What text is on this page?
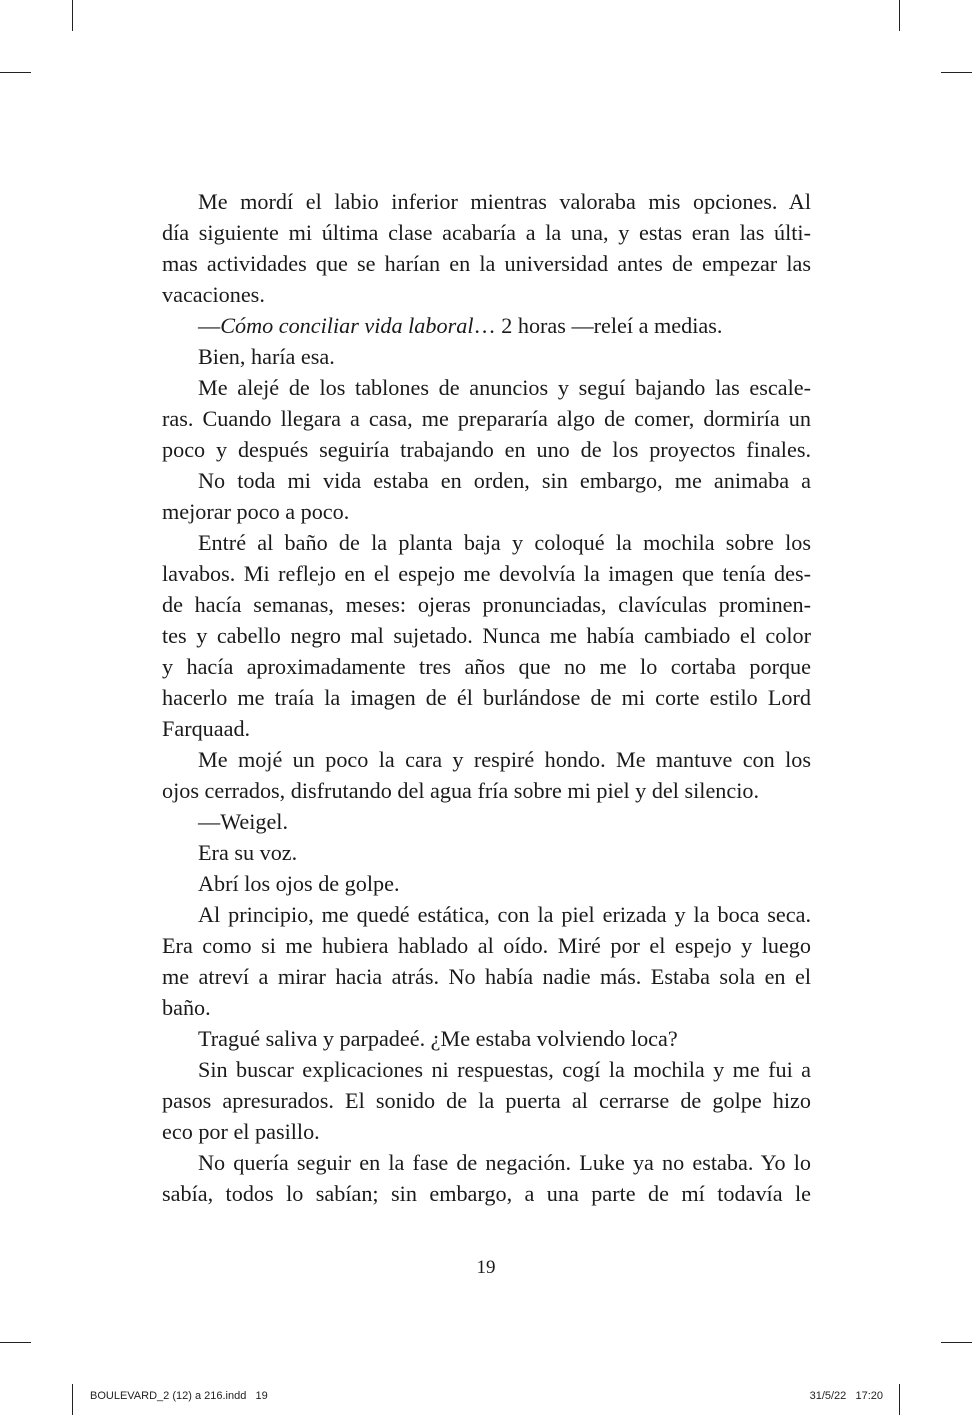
Me mordí el labio inferior mientras valoraba mis opciones. Al
día siguiente mi última clase acabaría a la una, y estas eran las últi-
mas actividades que se harían en la universidad antes de empezar las
vacaciones.
—Cómo conciliar vida laboral… 2 horas —releí a medias.
Bien, haría esa.
Me alejé de los tablones de anuncios y seguí bajando las escale-
ras. Cuando llegara a casa, me prepararía algo de comer, dormiría un
poco y después seguiría trabajando en uno de los proyectos finales.
No toda mi vida estaba en orden, sin embargo, me animaba a
mejorar poco a poco.
Entré al baño de la planta baja y coloqué la mochila sobre los
lavabos. Mi reflejo en el espejo me devolvía la imagen que tenía des-
de hacía semanas, meses: ojeras pronunciadas, clavículas prominen-
tes y cabello negro mal sujetado. Nunca me había cambiado el color
y hacía aproximadamente tres años que no me lo cortaba porque
hacerlo me traía la imagen de él burlándose de mi corte estilo Lord
Farquaad.
Me mojé un poco la cara y respiré hondo. Me mantuve con los
ojos cerrados, disfrutando del agua fría sobre mi piel y del silencio.
—Weigel.
Era su voz.
Abrí los ojos de golpe.
Al principio, me quedé estática, con la piel erizada y la boca seca.
Era como si me hubiera hablado al oído. Miré por el espejo y luego
me atreví a mirar hacia atrás. No había nadie más. Estaba sola en el
baño.
Tragué saliva y parpadeé. ¿Me estaba volviendo loca?
Sin buscar explicaciones ni respuestas, cogí la mochila y me fui a
pasos apresurados. El sonido de la puerta al cerrarse de golpe hizo
eco por el pasillo.
No quería seguir en la fase de negación. Luke ya no estaba. Yo lo
sabía, todos lo sabían; sin embargo, a una parte de mí todavía le
19
BOULEVARD_2 (12) a 216.indd   19	31/5/22   17:20
